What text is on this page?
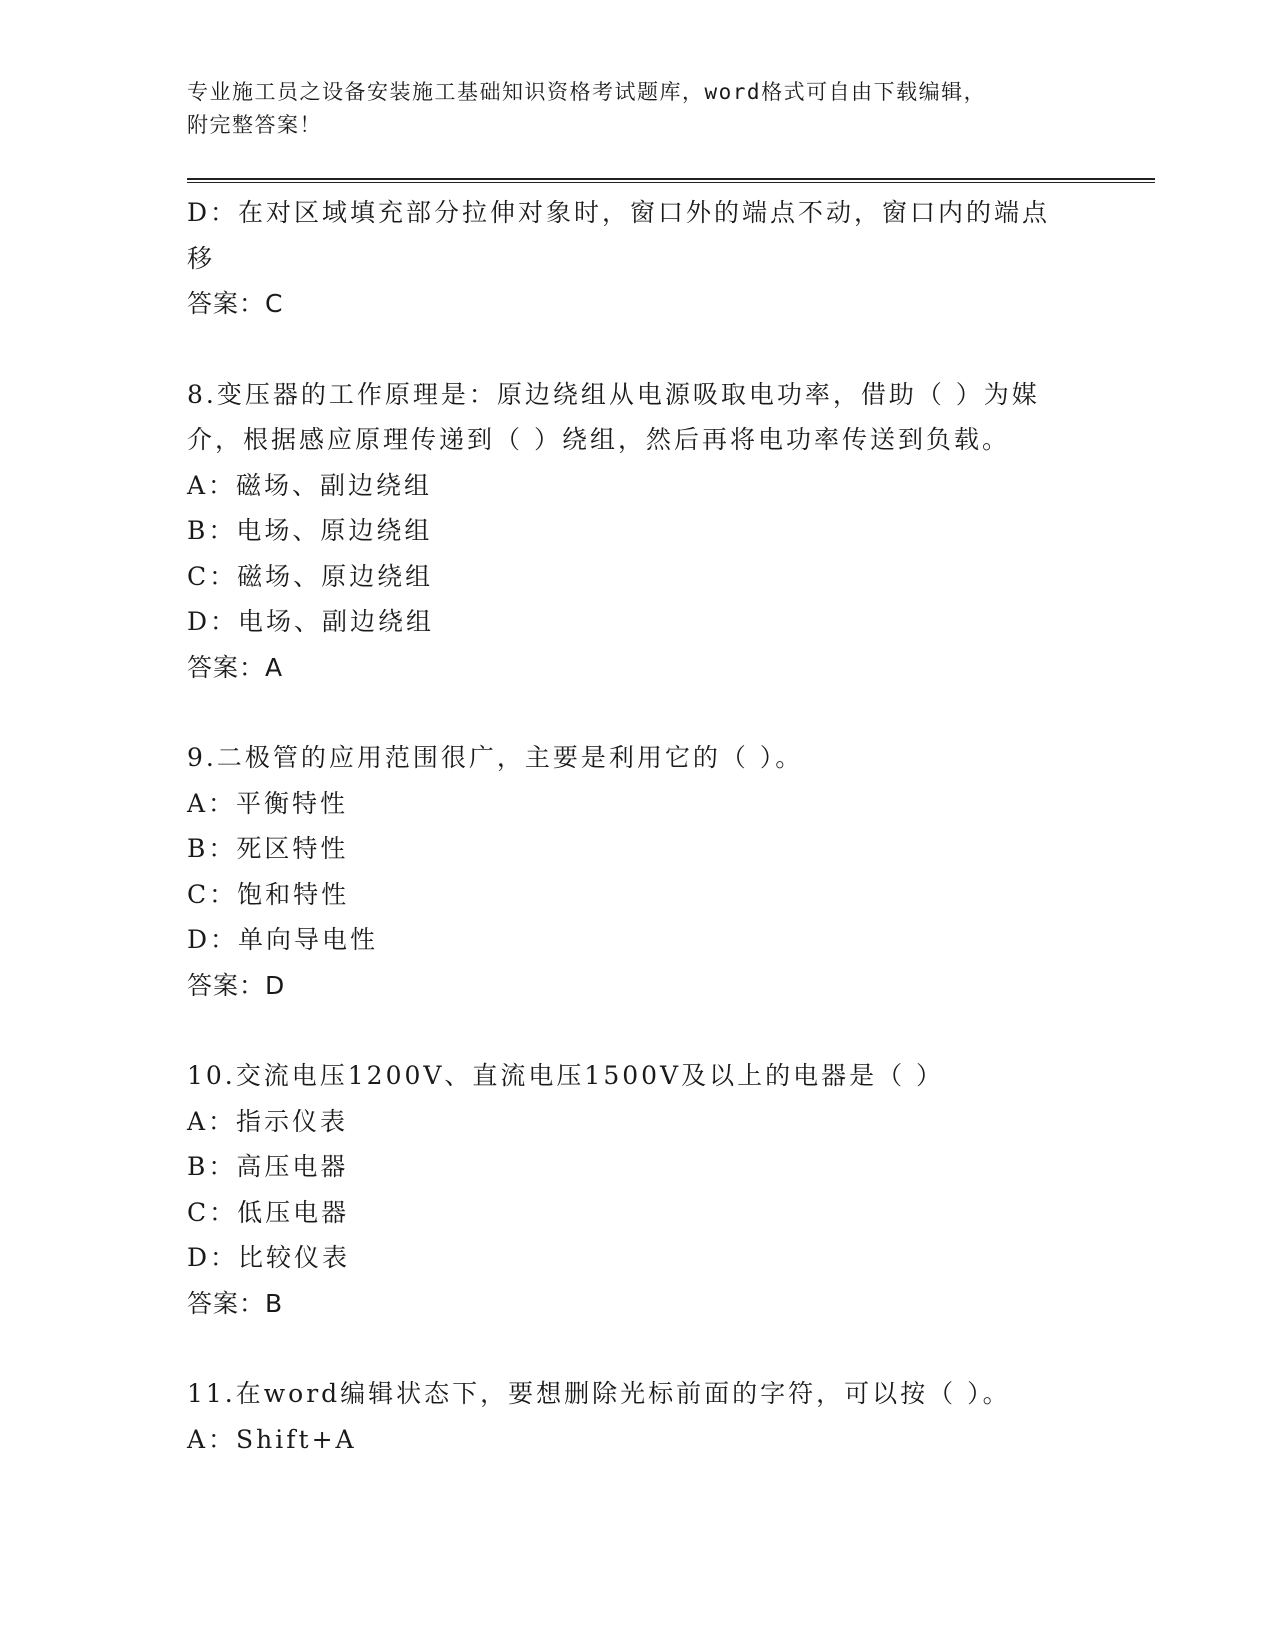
专业施工员之设备安装施工基础知识资格考试题库，word格式可自由下载编辑，
附完整答案！
D：在对区域填充部分拉伸对象时，窗口外的端点不动，窗口内的端点
移
答案：C
8.变压器的工作原理是：原边绕组从电源吸取电功率，借助（ ）为媒
介，根据感应原理传递到（ ）绕组，然后再将电功率传送到负载。
A：磁场、副边绕组
B：电场、原边绕组
C：磁场、原边绕组
D：电场、副边绕组
答案：A
9.二极管的应用范围很广，主要是利用它的（ ）。
A：平衡特性
B：死区特性
C：饱和特性
D：单向导电性
答案：D
10.交流电压1200V、直流电压1500V及以上的电器是（ ）
A：指示仪表
B：高压电器
C：低压电器
D：比较仪表
答案：B
11.在word编辑状态下，要想删除光标前面的字符，可以按（ ）。
A：Shift+A
